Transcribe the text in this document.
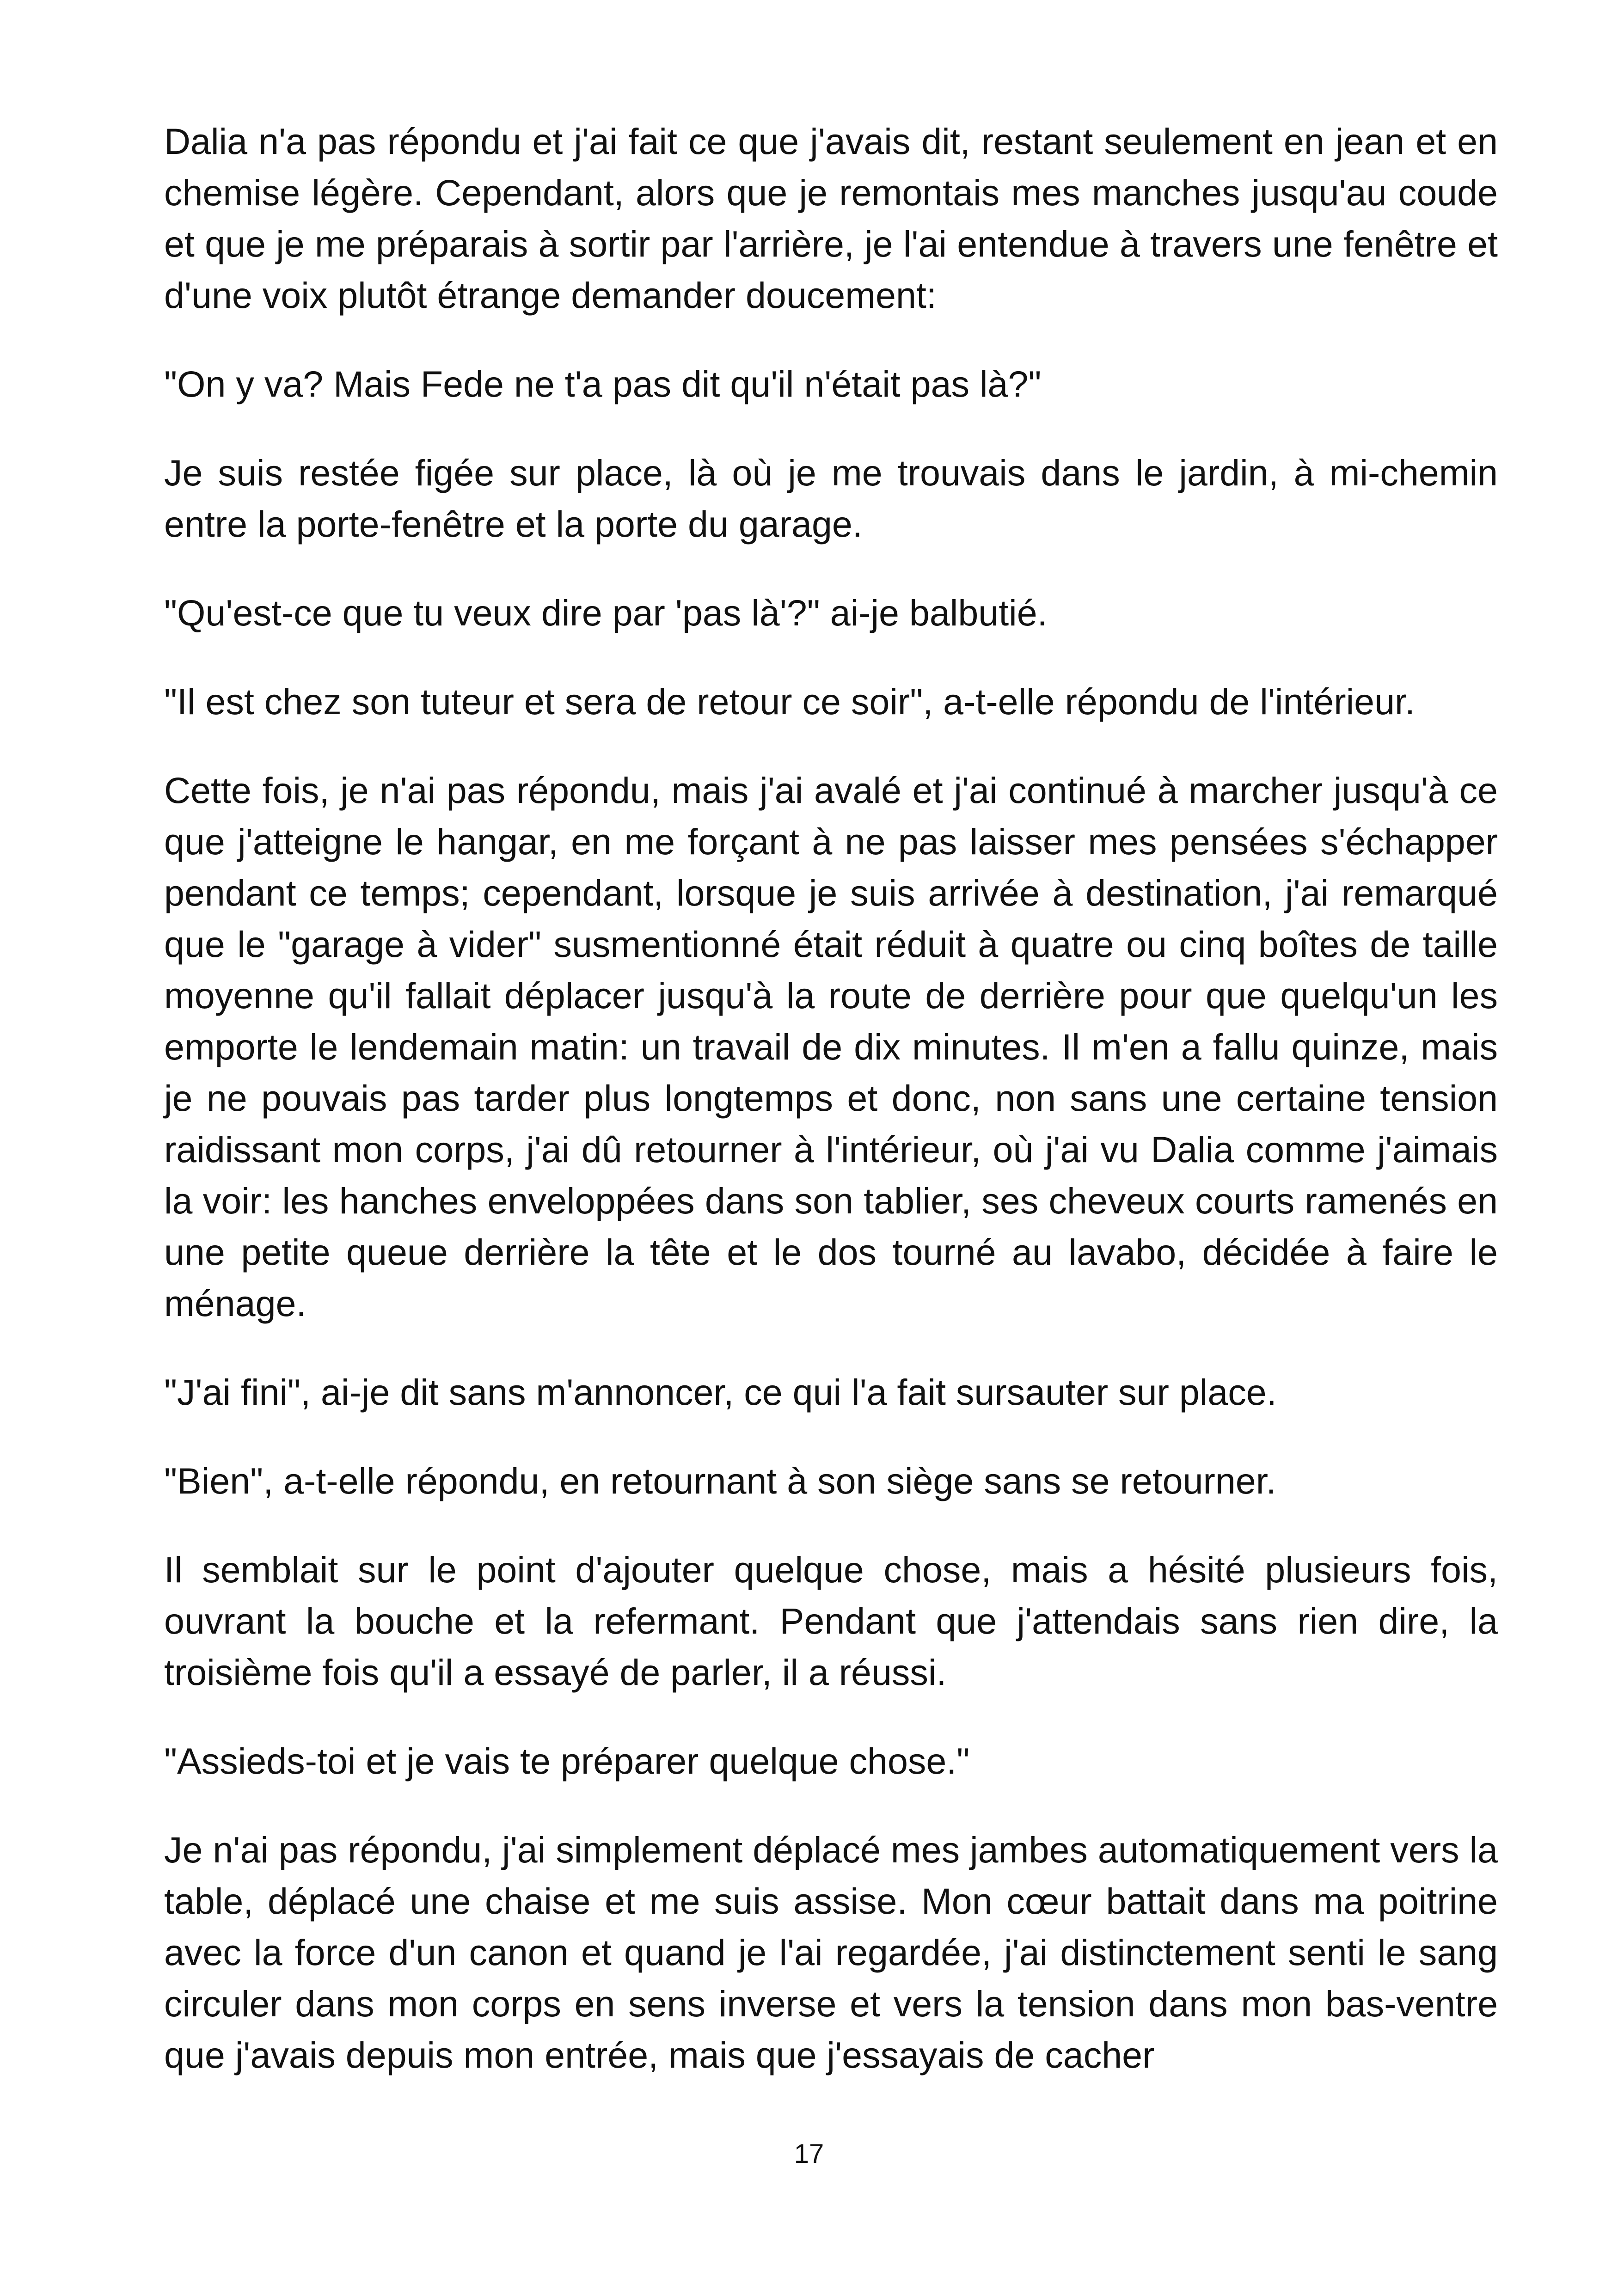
Dalia n'a pas répondu et j'ai fait ce que j'avais dit, restant seulement en jean et en chemise légère. Cependant, alors que je remontais mes manches jusqu'au coude et que je me préparais à sortir par l'arrière, je l'ai entendue à travers une fenêtre et d'une voix plutôt étrange demander doucement:

"On y va? Mais Fede ne t'a pas dit qu'il n'était pas là?"

Je suis restée figée sur place, là où je me trouvais dans le jardin, à mi-chemin entre la porte-fenêtre et la porte du garage.

"Qu'est-ce que tu veux dire par 'pas là'?" ai-je balbutié.

"Il est chez son tuteur et sera de retour ce soir", a-t-elle répondu de l'intérieur.

Cette fois, je n'ai pas répondu, mais j'ai avalé et j'ai continué à marcher jusqu'à ce que j'atteigne le hangar, en me forçant à ne pas laisser mes pensées s'échapper pendant ce temps; cependant, lorsque je suis arrivée à destination, j'ai remarqué que le "garage à vider" susmentionné était réduit à quatre ou cinq boîtes de taille moyenne qu'il fallait déplacer jusqu'à la route de derrière pour que quelqu'un les emporte le lendemain matin: un travail de dix minutes. Il m'en a fallu quinze, mais je ne pouvais pas tarder plus longtemps et donc, non sans une certaine tension raidissant mon corps, j'ai dû retourner à l'intérieur, où j'ai vu Dalia comme j'aimais la voir: les hanches enveloppées dans son tablier, ses cheveux courts ramenés en une petite queue derrière la tête et le dos tourné au lavabo, décidée à faire le ménage.

"J'ai fini", ai-je dit sans m'annoncer, ce qui l'a fait sursauter sur place.

"Bien", a-t-elle répondu, en retournant à son siège sans se retourner.

Il semblait sur le point d'ajouter quelque chose, mais a hésité plusieurs fois, ouvrant la bouche et la refermant. Pendant que j'attendais sans rien dire, la troisième fois qu'il a essayé de parler, il a réussi.

"Assieds-toi et je vais te préparer quelque chose."

Je n'ai pas répondu, j'ai simplement déplacé mes jambes automatiquement vers la table, déplacé une chaise et me suis assise. Mon cœur battait dans ma poitrine avec la force d'un canon et quand je l'ai regardée, j'ai distinctement senti le sang circuler dans mon corps en sens inverse et vers la tension dans mon bas-ventre que j'avais depuis mon entrée, mais que j'essayais de cacher

17
